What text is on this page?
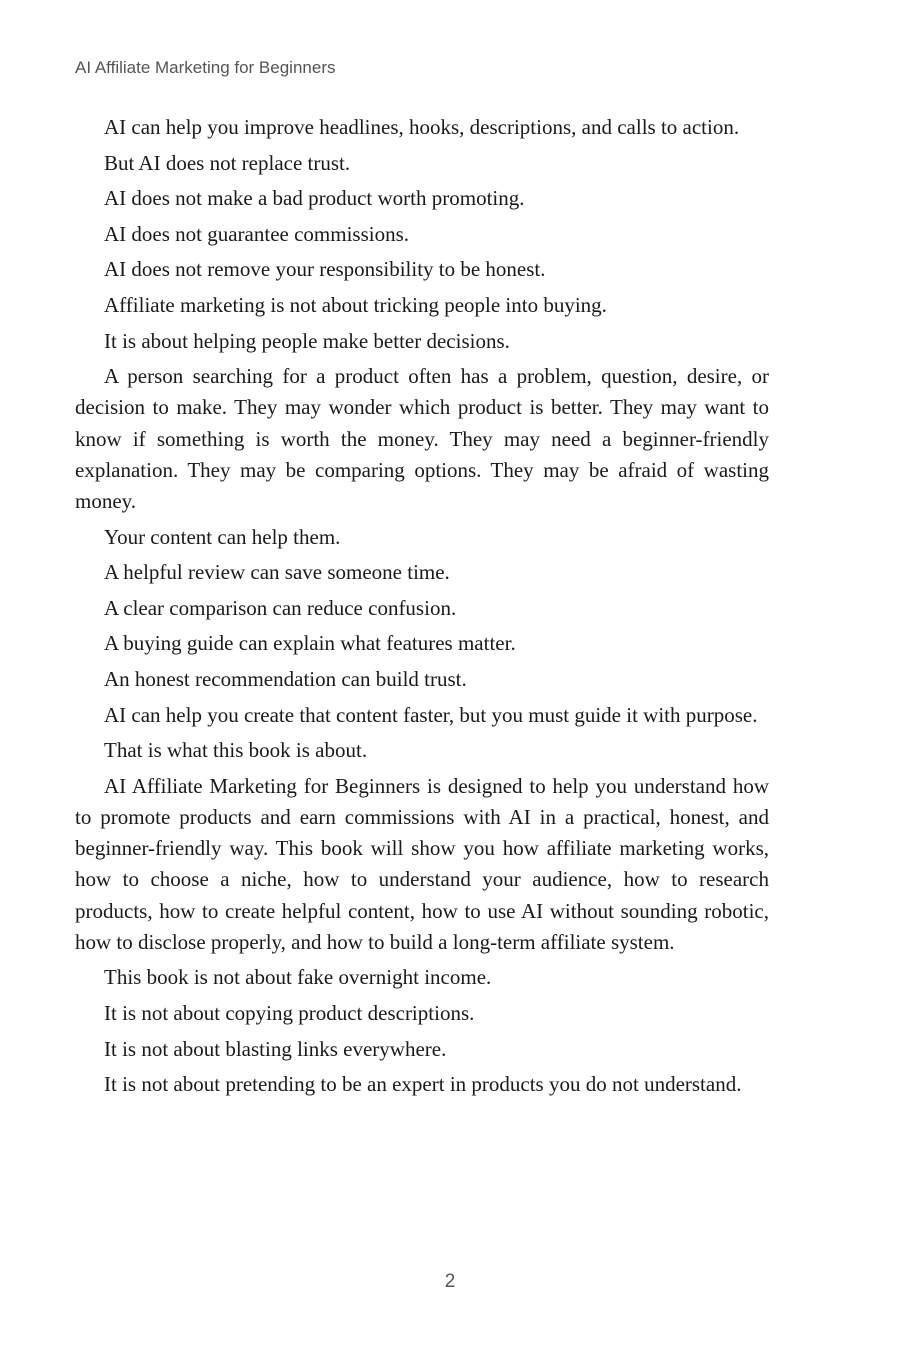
AI Affiliate Marketing for Beginners

AI can help you improve headlines, hooks, descriptions, and calls to action.

But AI does not replace trust.

AI does not make a bad product worth promoting.

AI does not guarantee commissions.

AI does not remove your responsibility to be honest.

Affiliate marketing is not about tricking people into buying.

It is about helping people make better decisions.

A person searching for a product often has a problem, question, desire, or decision to make. They may wonder which product is better. They may want to know if something is worth the money. They may need a beginner-friendly explanation. They may be comparing options. They may be afraid of wasting money.

Your content can help them.

A helpful review can save someone time.

A clear comparison can reduce confusion.

A buying guide can explain what features matter.

An honest recommendation can build trust.

AI can help you create that content faster, but you must guide it with purpose.

That is what this book is about.

AI Affiliate Marketing for Beginners is designed to help you understand how to promote products and earn commissions with AI in a practical, honest, and beginner-friendly way. This book will show you how affiliate marketing works, how to choose a niche, how to understand your audience, how to research products, how to create helpful content, how to use AI without sounding robotic, how to disclose properly, and how to build a long-term affiliate system.

This book is not about fake overnight income.

It is not about copying product descriptions.

It is not about blasting links everywhere.

It is not about pretending to be an expert in products you do not understand.

2
